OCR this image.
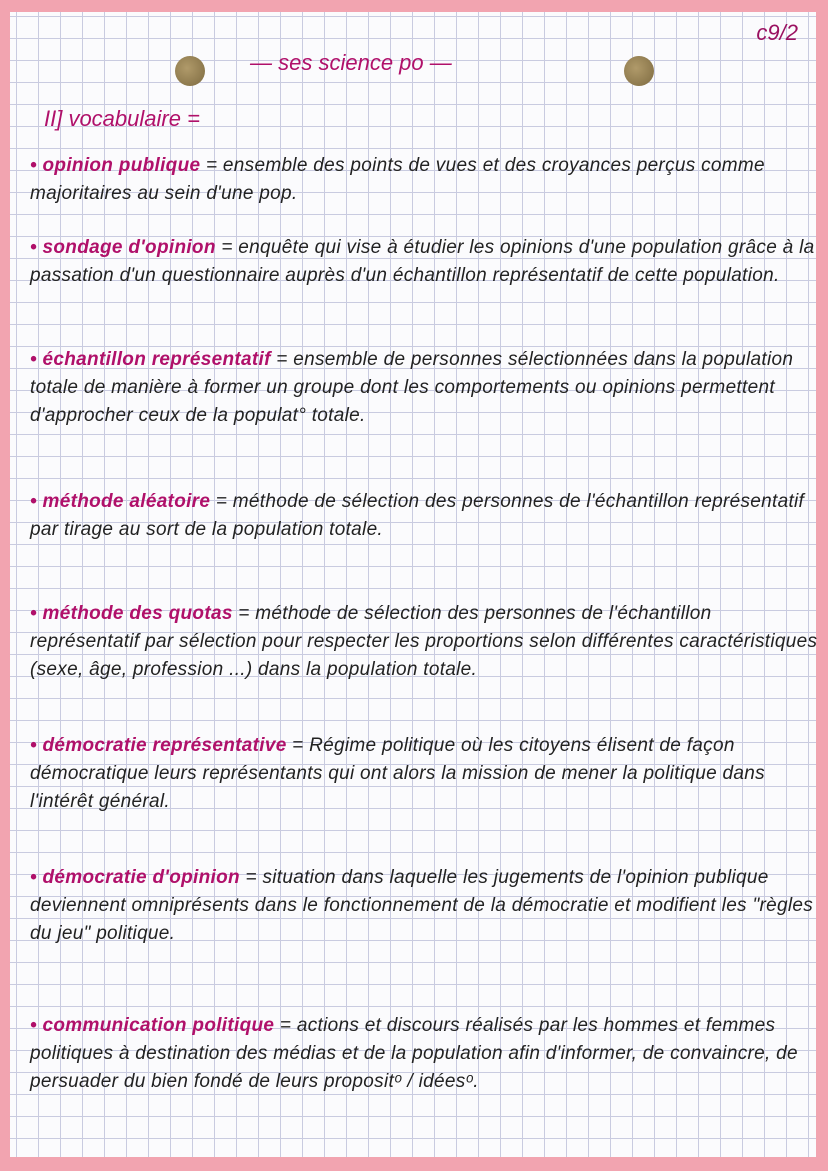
— ses science po —
c9/2
II] vocabulaire =
• opinion publique = ensemble des points de vues et des croyances perçus comme majoritaires au sein d'une pop.
• sondage d'opinion = enquête qui vise à étudier les opinions d'une population grâce à la passation d'un questionnaire auprès d'un échantillon représentatif de cette population.
• échantillon représentatif = ensemble de personnes sélectionnées dans la population totale de manière à former un groupe dont les comportements ou opinions permettent d'approcher ceux de la populat° totale.
• méthode aléatoire = méthode de sélection des personnes de l'échantillon représentatif par tirage au sort de la population totale.
• méthode des quotas = méthode de sélection des personnes de l'échantillon représentatif par sélection pour respecter les proportions selon différentes caractéristiques (sexe, âge, profession ...) dans la population totale.
• démocratie représentative = Régime politique où les citoyens élisent de façon démocratique leurs représentants qui ont alors la mission de mener la politique dans l'intérêt général.
• démocratie d'opinion = situation dans laquelle les jugements de l'opinion publique deviennent omniprésents dans le fonctionnement de la démocratie et modifient les "règles du jeu" politique.
• communication politique = actions et discours réalisés par les hommes et femmes politiques à destination des médias et de la population afin d'informer, de convaincre, de persuader du bien fondé de leurs propositᵒ / idéesᵒ.
